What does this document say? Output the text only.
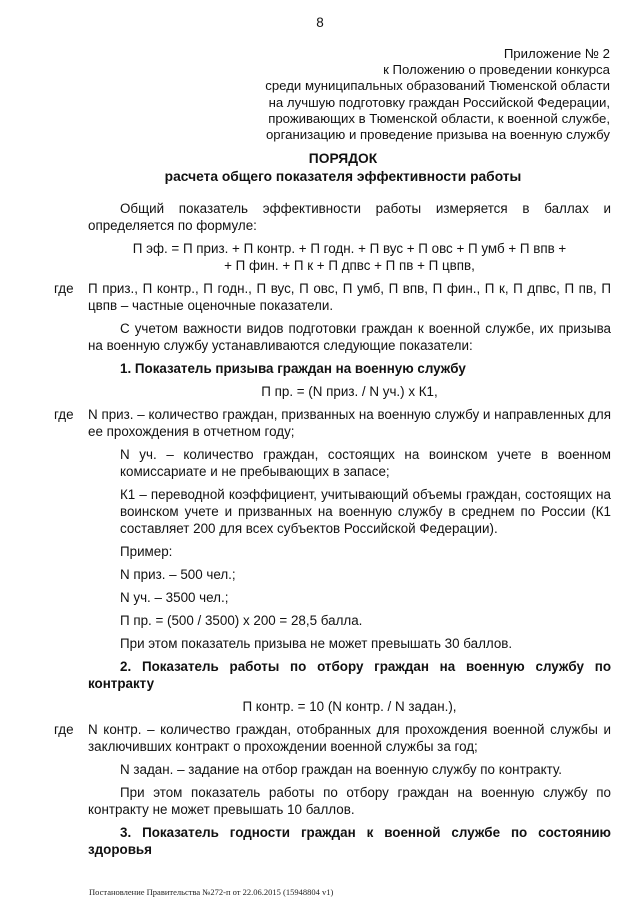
8
Приложение № 2
к Положению о проведении конкурса
среди муниципальных образований Тюменской области
на лучшую подготовку граждан Российской Федерации,
проживающих в Тюменской области, к военной службе,
организацию и проведение призыва на военную службу
ПОРЯДОК
расчета общего показателя эффективности работы

Общий показатель эффективности работы измеряется в баллах и определяется по формуле:

П эф. = П приз. + П контр. + П годн. + П вус + П овс + П умб + П впв +
+ П фин. + П к + П дпвс + П пв + П цвпв,
где	П приз., П контр., П годн., П вус, П овс, П умб, П впв, П фин., П к, П дпвс, П пв, П цвпв – частные оценочные показатели.

С учетом важности видов подготовки граждан к военной службе, их призыва на военную службу устанавливаются следующие показатели:

1. Показатель призыва граждан на военную службу

П пр. = (N приз. / N уч.) x К1,
где	N приз. – количество граждан, призванных на военную службу и направленных для ее прохождения в отчетном году;

N уч. – количество граждан, состоящих на воинском учете в военном комиссариате и не пребывающих в запасе;

К1 – переводной коэффициент, учитывающий объемы граждан, состоящих на воинском учете и призванных на военную службу в среднем по России (К1 составляет 200 для всех субъектов Российской Федерации).

Пример:

N приз. – 500 чел.;

N уч. – 3500 чел.;

П пр. = (500 / 3500) x 200 = 28,5 балла.

При этом показатель призыва не может превышать 30 баллов.

2. Показатель работы по отбору граждан на военную службу по контракту

П контр. = 10 (N контр. / N задан.),
где	N контр. – количество граждан, отобранных для прохождения военной службы и заключивших контракт о прохождении военной службы за год;

N задан. – задание на отбор граждан на военную службу по контракту.

При этом показатель работы по отбору граждан на военную службу по контракту не может превышать 10 баллов.

3. Показатель годности граждан к военной службе по состоянию здоровья

Постановление Правительства №272-п от 22.06.2015 (15948804 v1)
